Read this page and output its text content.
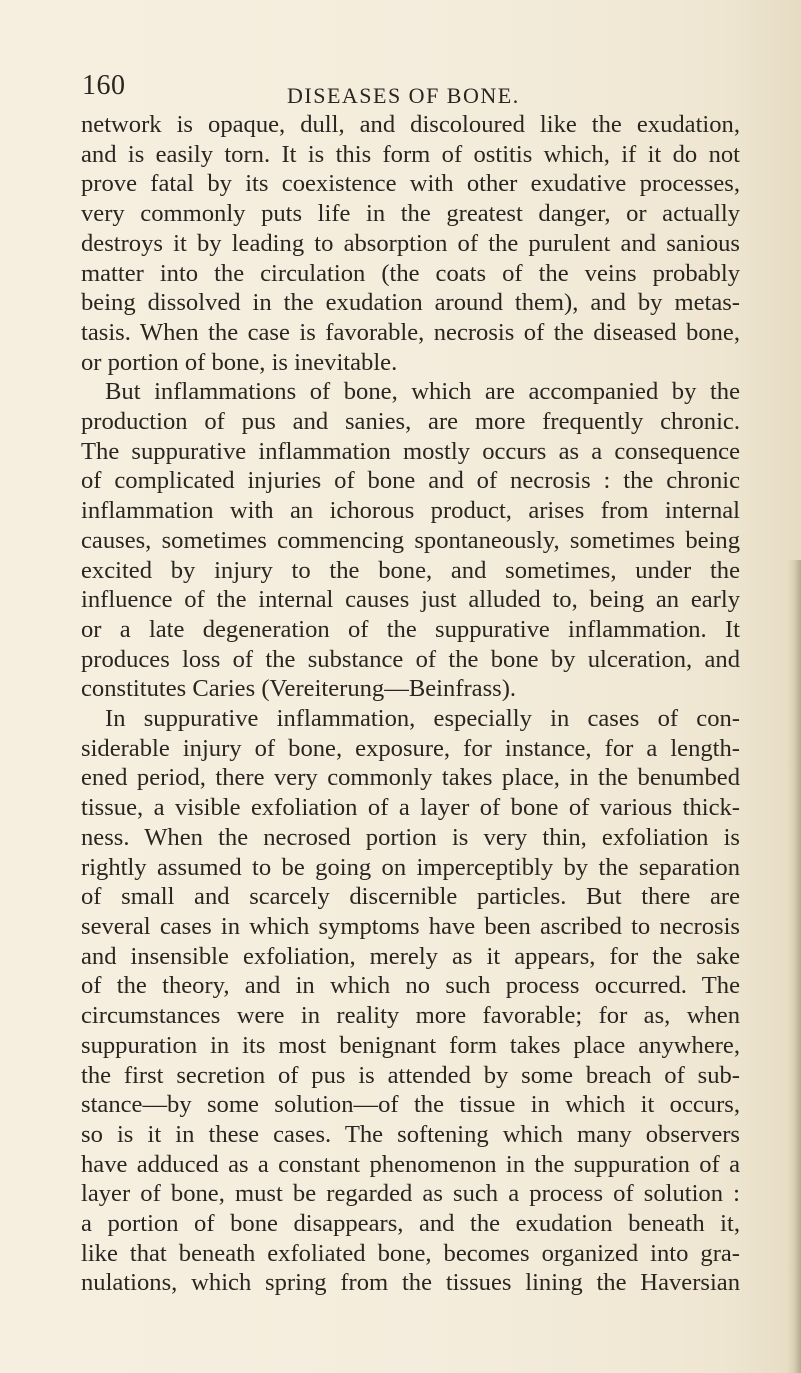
160	DISEASES OF BONE.
network is opaque, dull, and discoloured like the exudation,
and is easily torn. It is this form of ostitis which, if it do not
prove fatal by its coexistence with other exudative processes,
very commonly puts life in the greatest danger, or actually
destroys it by leading to absorption of the purulent and sanious
matter into the circulation (the coats of the veins probably
being dissolved in the exudation around them), and by metas-
tasis. When the case is favorable, necrosis of the diseased bone,
or portion of bone, is inevitable.
But inflammations of bone, which are accompanied by the
production of pus and sanies, are more frequently chronic.
The suppurative inflammation mostly occurs as a consequence
of complicated injuries of bone and of necrosis : the chronic
inflammation with an ichorous product, arises from internal
causes, sometimes commencing spontaneously, sometimes being
excited by injury to the bone, and sometimes, under the
influence of the internal causes just alluded to, being an early
or a late degeneration of the suppurative inflammation. It
produces loss of the substance of the bone by ulceration, and
constitutes Caries (Vereiterung—Beinfrass).
In suppurative inflammation, especially in cases of con-
siderable injury of bone, exposure, for instance, for a length-
ened period, there very commonly takes place, in the benumbed
tissue, a visible exfoliation of a layer of bone of various thick-
ness. When the necrosed portion is very thin, exfoliation is
rightly assumed to be going on imperceptibly by the separation
of small and scarcely discernible particles. But there are
several cases in which symptoms have been ascribed to necrosis
and insensible exfoliation, merely as it appears, for the sake
of the theory, and in which no such process occurred. The
circumstances were in reality more favorable; for as, when
suppuration in its most benignant form takes place anywhere,
the first secretion of pus is attended by some breach of sub-
stance—by some solution—of the tissue in which it occurs,
so is it in these cases. The softening which many observers
have adduced as a constant phenomenon in the suppuration of a
layer of bone, must be regarded as such a process of solution :
a portion of bone disappears, and the exudation beneath it,
like that beneath exfoliated bone, becomes organized into gra-
nulations, which spring from the tissues lining the Haversian
